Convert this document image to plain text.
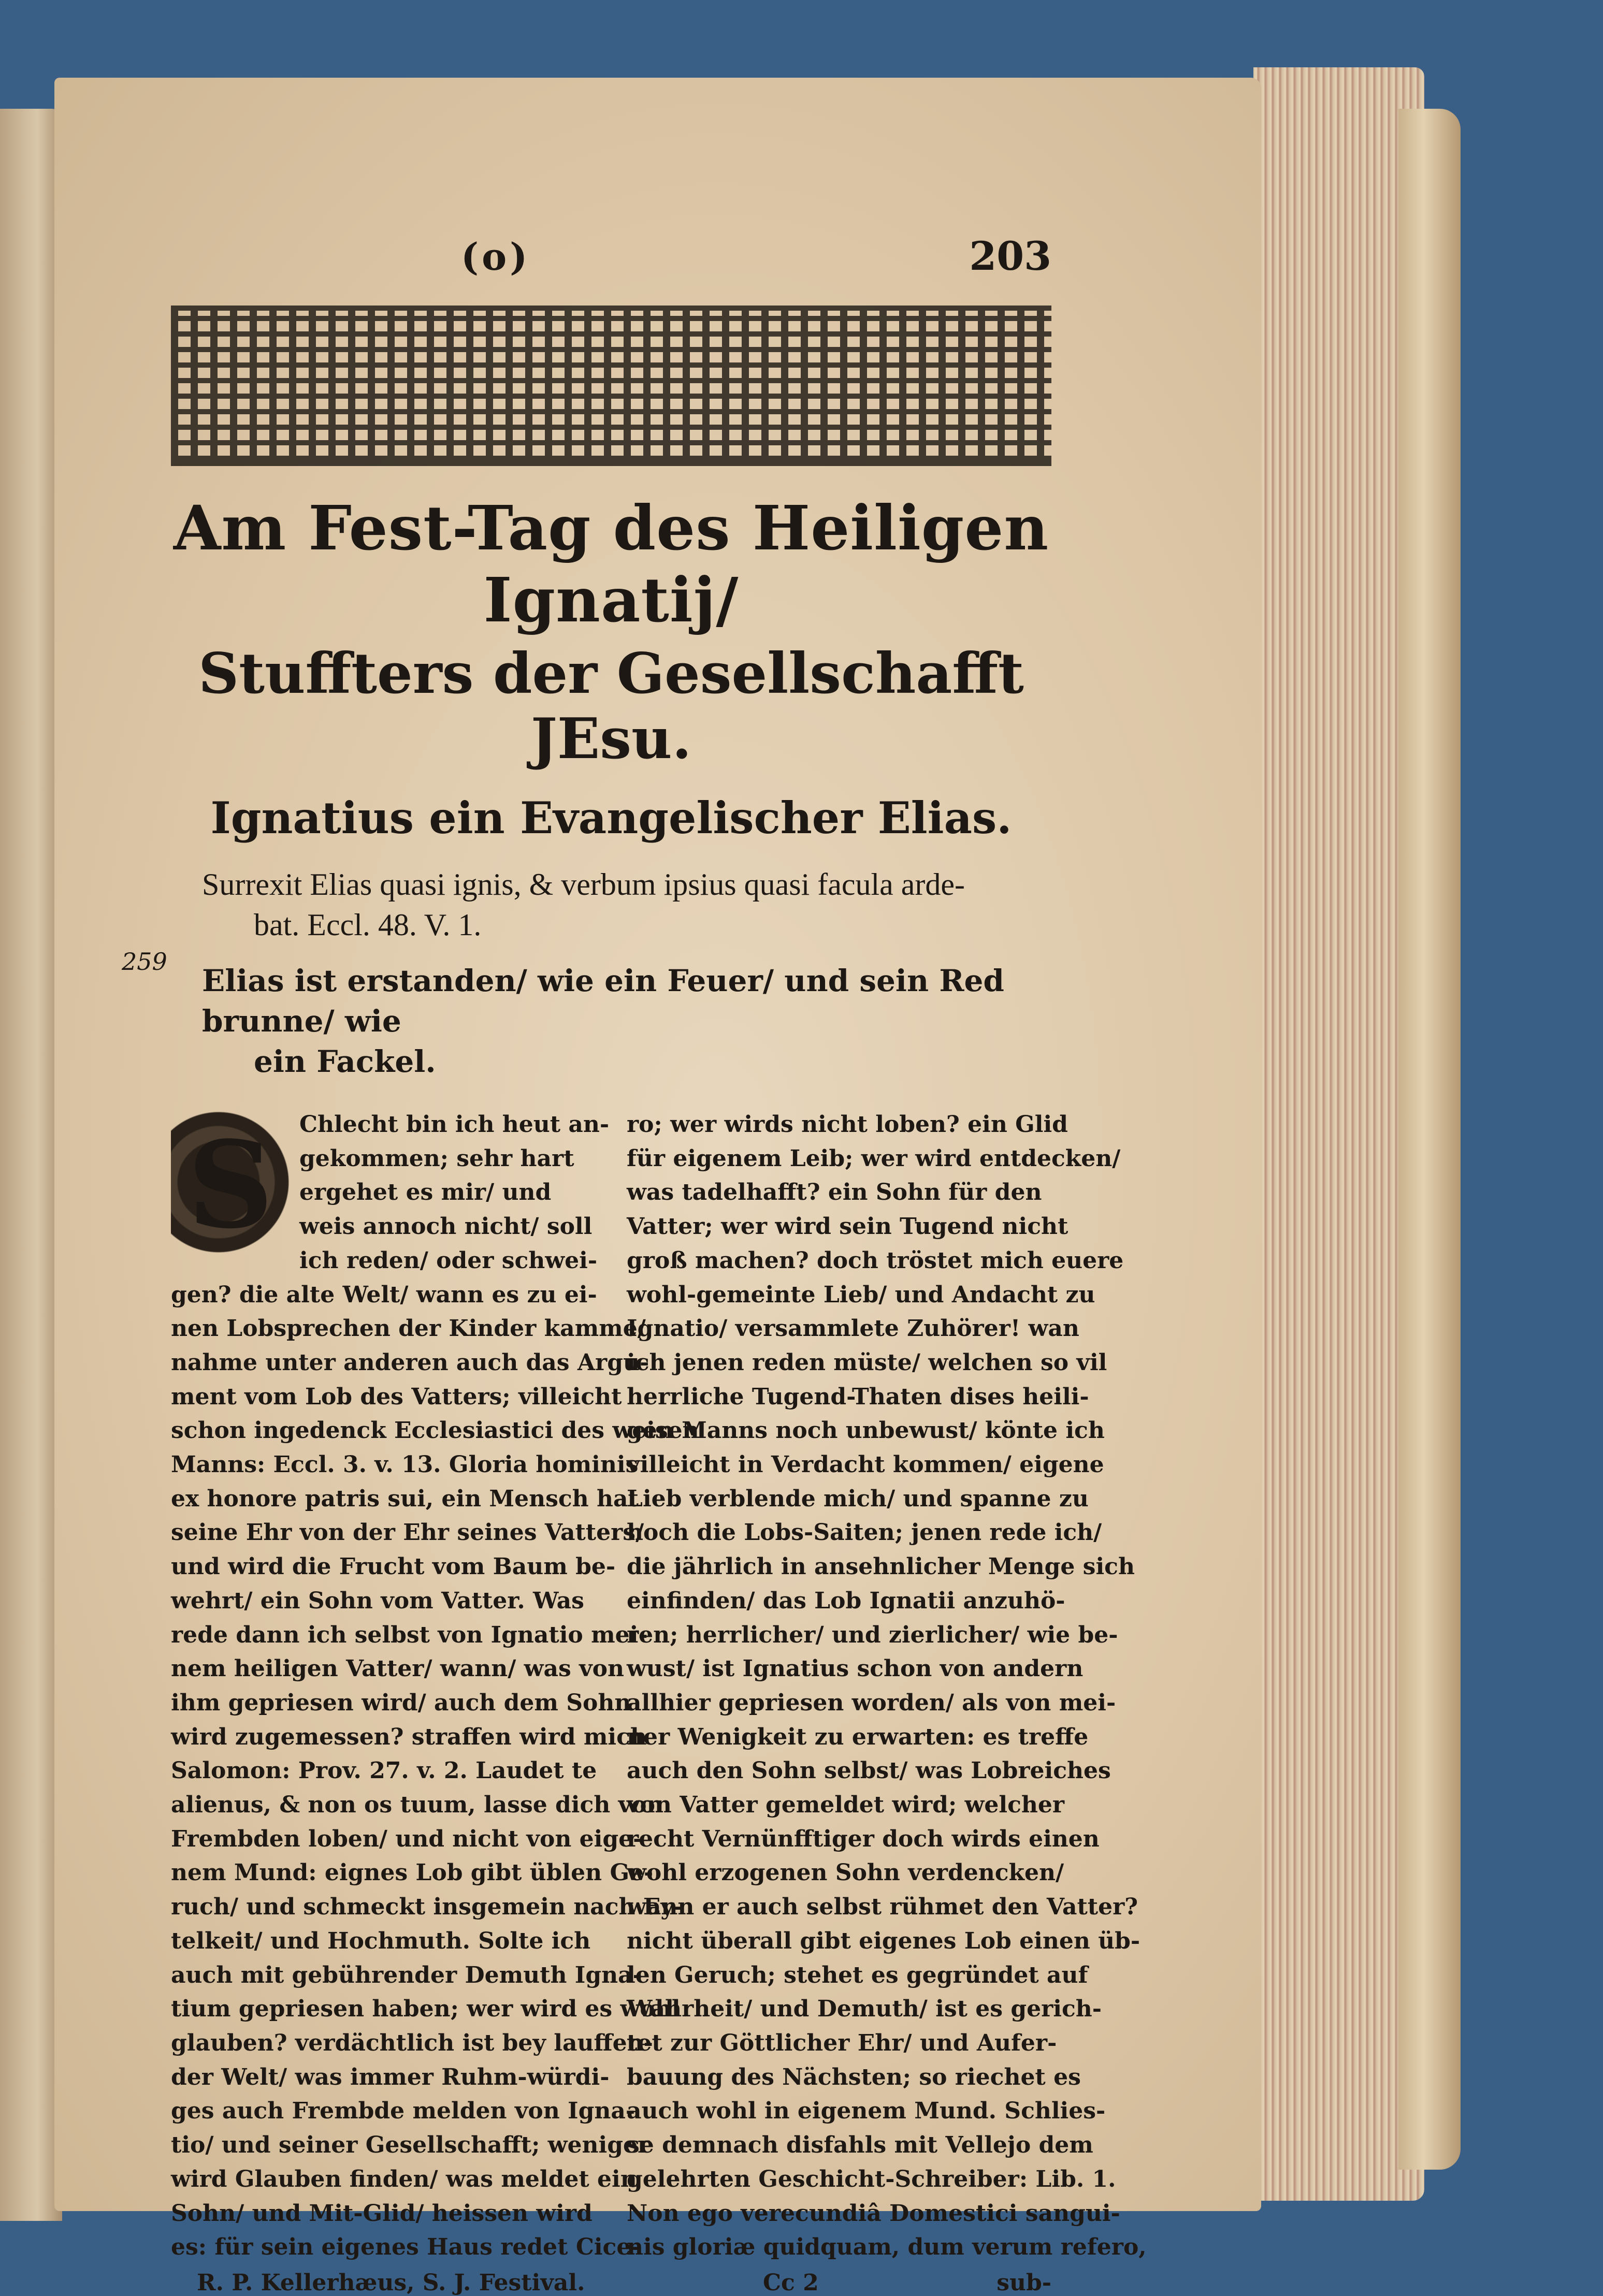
259
(o)	203
Am Fest-Tag des Heiligen Ignatij/
Stuffters der Gesellschafft JEsu.
Ignatius ein Evangelischer Elias.
Surrexit Elias quasi ignis, & verbum ipsius quasi facula arde-
bat. Eccl. 48. V. 1.
Elias ist erstanden/ wie ein Feuer/ und sein Red brunne/ wie
ein Fackel.
S	Chlecht bin ich heut an-
gekommen; sehr hart
ergehet es mir/ und
weis annoch nicht/ soll
ich reden/ oder schwei-
gen? die alte Welt/ wann es zu ei-
nen Lobsprechen der Kinder kamme/
nahme unter anderen auch das Argu-
ment vom Lob des Vatters; villeicht
schon ingedenck Ecclesiastici des weisen
Manns: Eccl. 3. v. 13. Gloria hominis
ex honore patris sui, ein Mensch hat
seine Ehr von der Ehr seines Vatters/
und wird die Frucht vom Baum be-
wehrt/ ein Sohn vom Vatter. Was
rede dann ich selbst von Ignatio mei-
nem heiligen Vatter/ wann/ was von
ihm gepriesen wird/ auch dem Sohn
wird zugemessen? straffen wird mich
Salomon: Prov. 27. v. 2. Laudet te
alienus, & non os tuum, lasse dich von
Frembden loben/ und nicht von eige-
nem Mund: eignes Lob gibt üblen Ge-
ruch/ und schmeckt insgemein nach Ey-
telkeit/ und Hochmuth. Solte ich
auch mit gebührender Demuth Igna-
tium gepriesen haben; wer wird es wohl
glauben? verdächtlich ist bey lauffen-
der Welt/ was immer Ruhm-würdi-
ges auch Frembde melden von Igna-
tio/ und seiner Gesellschafft; weniger
wird Glauben finden/ was meldet ein
Sohn/ und Mit-Glid/ heissen wird
es: für sein eigenes Haus redet Cice-
ro; wer wirds nicht loben? ein Glid
für eigenem Leib; wer wird entdecken/
was tadelhafft? ein Sohn für den
Vatter; wer wird sein Tugend nicht
groß machen? doch tröstet mich euere
wohl-gemeinte Lieb/ und Andacht zu
Ignatio/ versammlete Zuhörer! wan
ich jenen reden müste/ welchen so vil
herrliche Tugend-Thaten dises heili-
gen Manns noch unbewust/ könte ich
villeicht in Verdacht kommen/ eigene
Lieb verblende mich/ und spanne zu
hoch die Lobs-Saiten; jenen rede ich/
die jährlich in ansehnlicher Menge sich
einfinden/ das Lob Ignatii anzuhö-
ren; herrlicher/ und zierlicher/ wie be-
wust/ ist Ignatius schon von andern
allhier gepriesen worden/ als von mei-
ner Wenigkeit zu erwarten: es treffe
auch den Sohn selbst/ was Lobreiches
von Vatter gemeldet wird; welcher
recht Vernünfftiger doch wirds einen
wohl erzogenen Sohn verdencken/
wann er auch selbst rühmet den Vatter?
nicht überall gibt eigenes Lob einen üb-
len Geruch; stehet es gegründet auf
Wahrheit/ und Demuth/ ist es gerich-
tet zur Göttlicher Ehr/ und Aufer-
bauung des Nächsten; so riechet es
auch wohl in eigenem Mund. Schlies-
se demnach disfahls mit Vellejo dem
gelehrten Geschicht-Schreiber: Lib. 1.
Non ego verecundiâ Domestici sangui-
nis gloriæ quidquam, dum verum refero,
R. P. Kellerhæus, S. J. Festival.	Cc 2	sub-
